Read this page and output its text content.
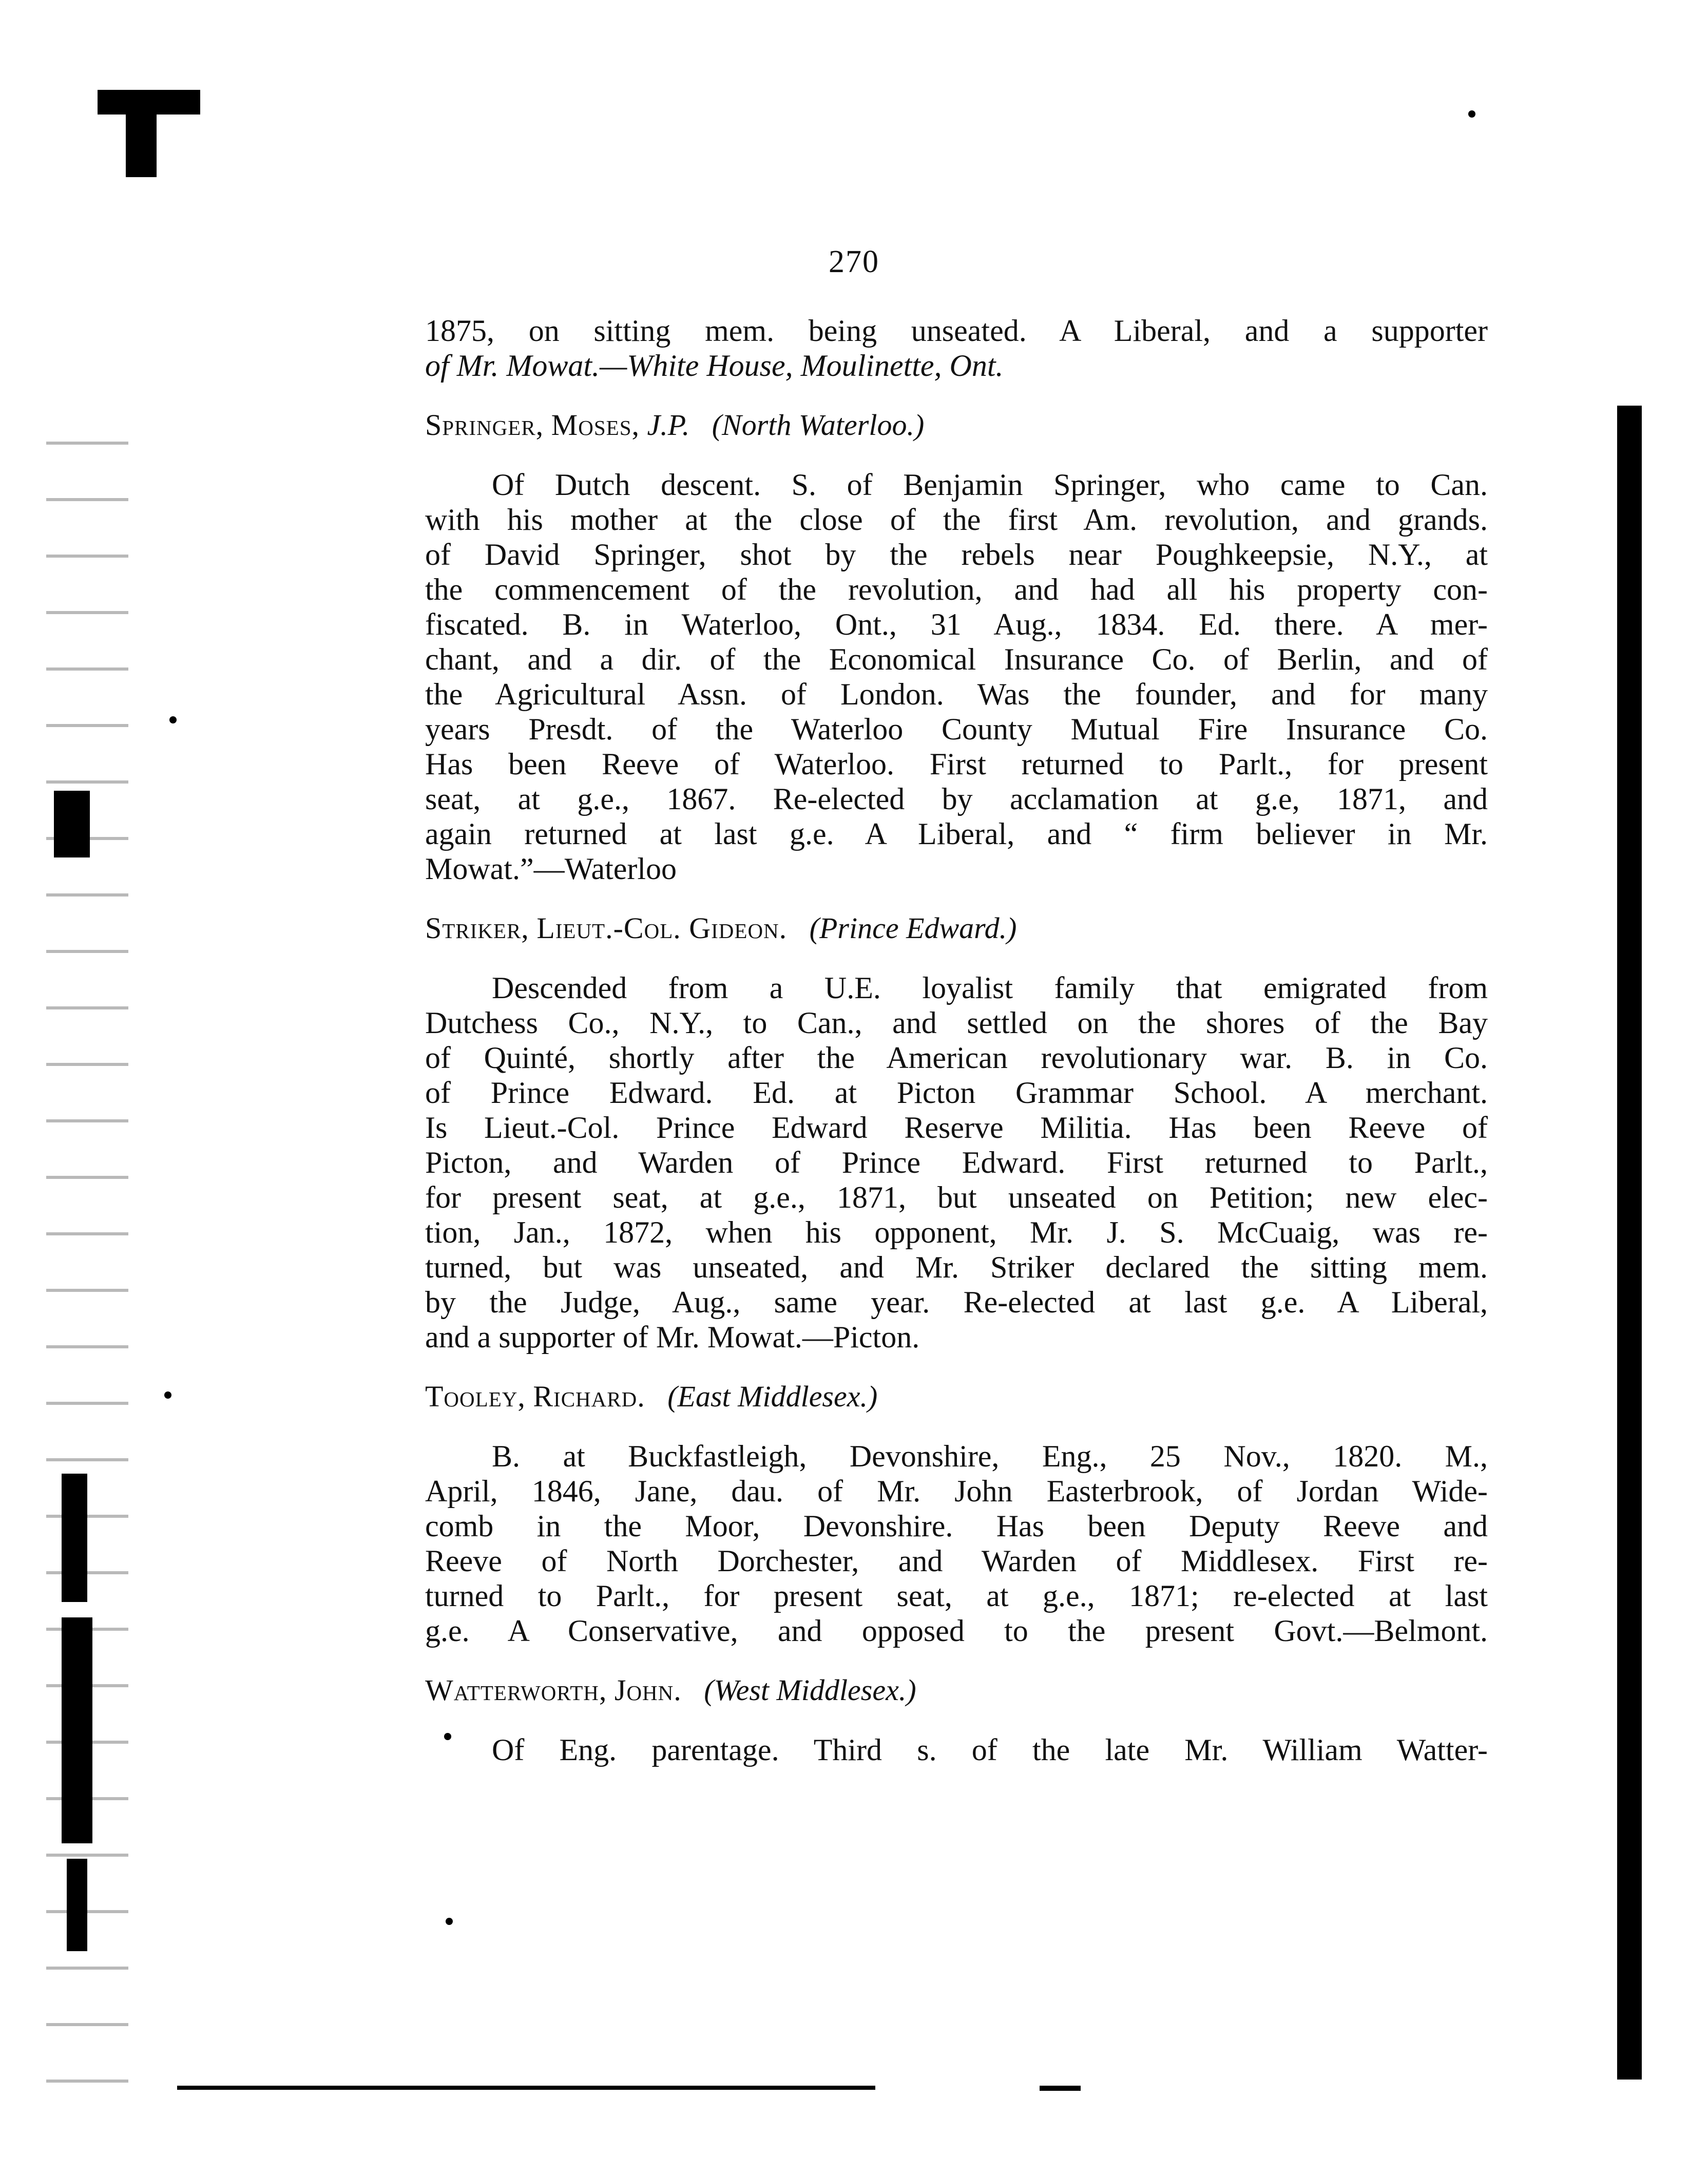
270
1875, on sitting mem. being unseated. A Liberal, and a supporter
of Mr. Mowat.—White House, Moulinette, Ont.
Springer, Moses, J.P. (North Waterloo.)
Of Dutch descent. S. of Benjamin Springer, who came to Can.
with his mother at the close of the first Am. revolution, and grands.
of David Springer, shot by the rebels near Poughkeepsie, N.Y., at
the commencement of the revolution, and had all his property con-
fiscated. B. in Waterloo, Ont., 31 Aug., 1834. Ed. there. A mer-
chant, and a dir. of the Economical Insurance Co. of Berlin, and of
the Agricultural Assn. of London. Was the founder, and for many
years Presdt. of the Waterloo County Mutual Fire Insurance Co.
Has been Reeve of Waterloo. First returned to Parlt., for present
seat, at g.e., 1867. Re-elected by acclamation at g.e, 1871, and
again returned at last g.e. A Liberal, and “ firm believer in Mr.
Mowat.”—Waterloo
Striker, Lieut.-Col. Gideon. (Prince Edward.)
Descended from a U.E. loyalist family that emigrated from
Dutchess Co., N.Y., to Can., and settled on the shores of the Bay
of Quinté, shortly after the American revolutionary war. B. in Co.
of Prince Edward. Ed. at Picton Grammar School. A merchant.
Is Lieut.-Col. Prince Edward Reserve Militia. Has been Reeve of
Picton, and Warden of Prince Edward. First returned to Parlt.,
for present seat, at g.e., 1871, but unseated on Petition; new elec-
tion, Jan., 1872, when his opponent, Mr. J. S. McCuaig, was re-
turned, but was unseated, and Mr. Striker declared the sitting mem.
by the Judge, Aug., same year. Re-elected at last g.e. A Liberal,
and a supporter of Mr. Mowat.—Picton.
Tooley, Richard. (East Middlesex.)
B. at Buckfastleigh, Devonshire, Eng., 25 Nov., 1820. M.,
April, 1846, Jane, dau. of Mr. John Easterbrook, of Jordan Wide-
comb in the Moor, Devonshire. Has been Deputy Reeve and
Reeve of North Dorchester, and Warden of Middlesex. First re-
turned to Parlt., for present seat, at g.e., 1871; re-elected at last
g.e. A Conservative, and opposed to the present Govt.—Belmont.
Watterworth, John. (West Middlesex.)
Of Eng. parentage. Third s. of the late Mr. William Watter-
